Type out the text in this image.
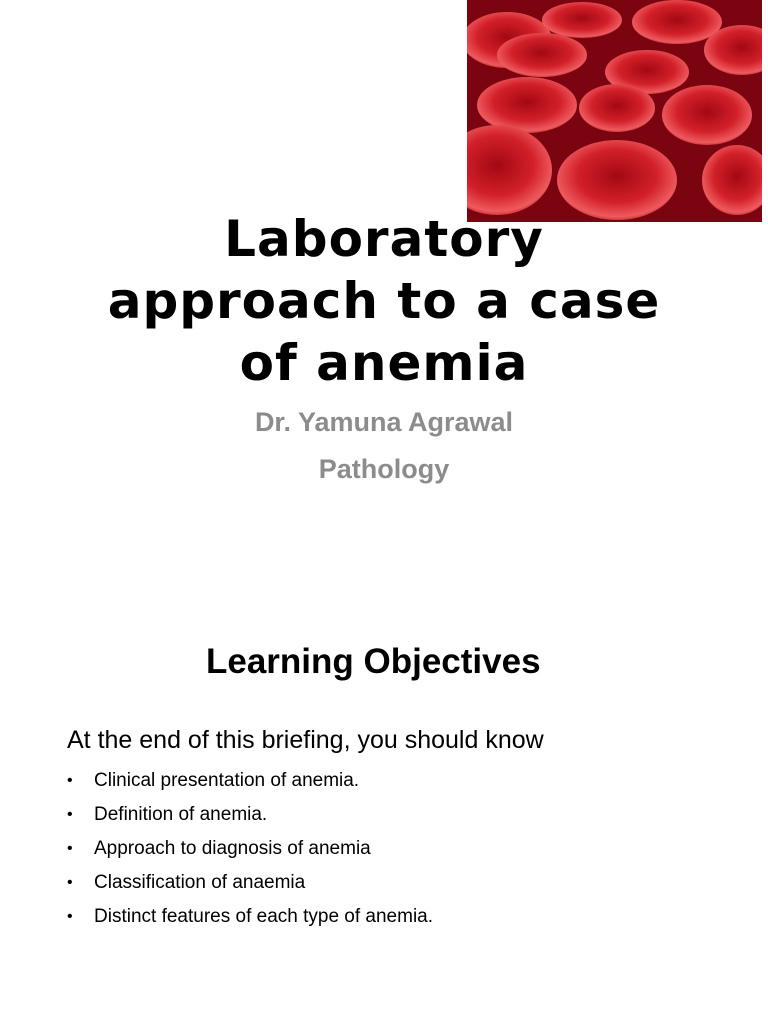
Laboratory
approach to a case
of anemia
Dr. Yamuna Agrawal
Pathology
Learning Objectives
At the end of this briefing, you should know
• Clinical presentation of anemia.
• Definition of anemia.
• Approach to diagnosis of anemia
• Classification of anaemia
• Distinct features of each type of anemia.
